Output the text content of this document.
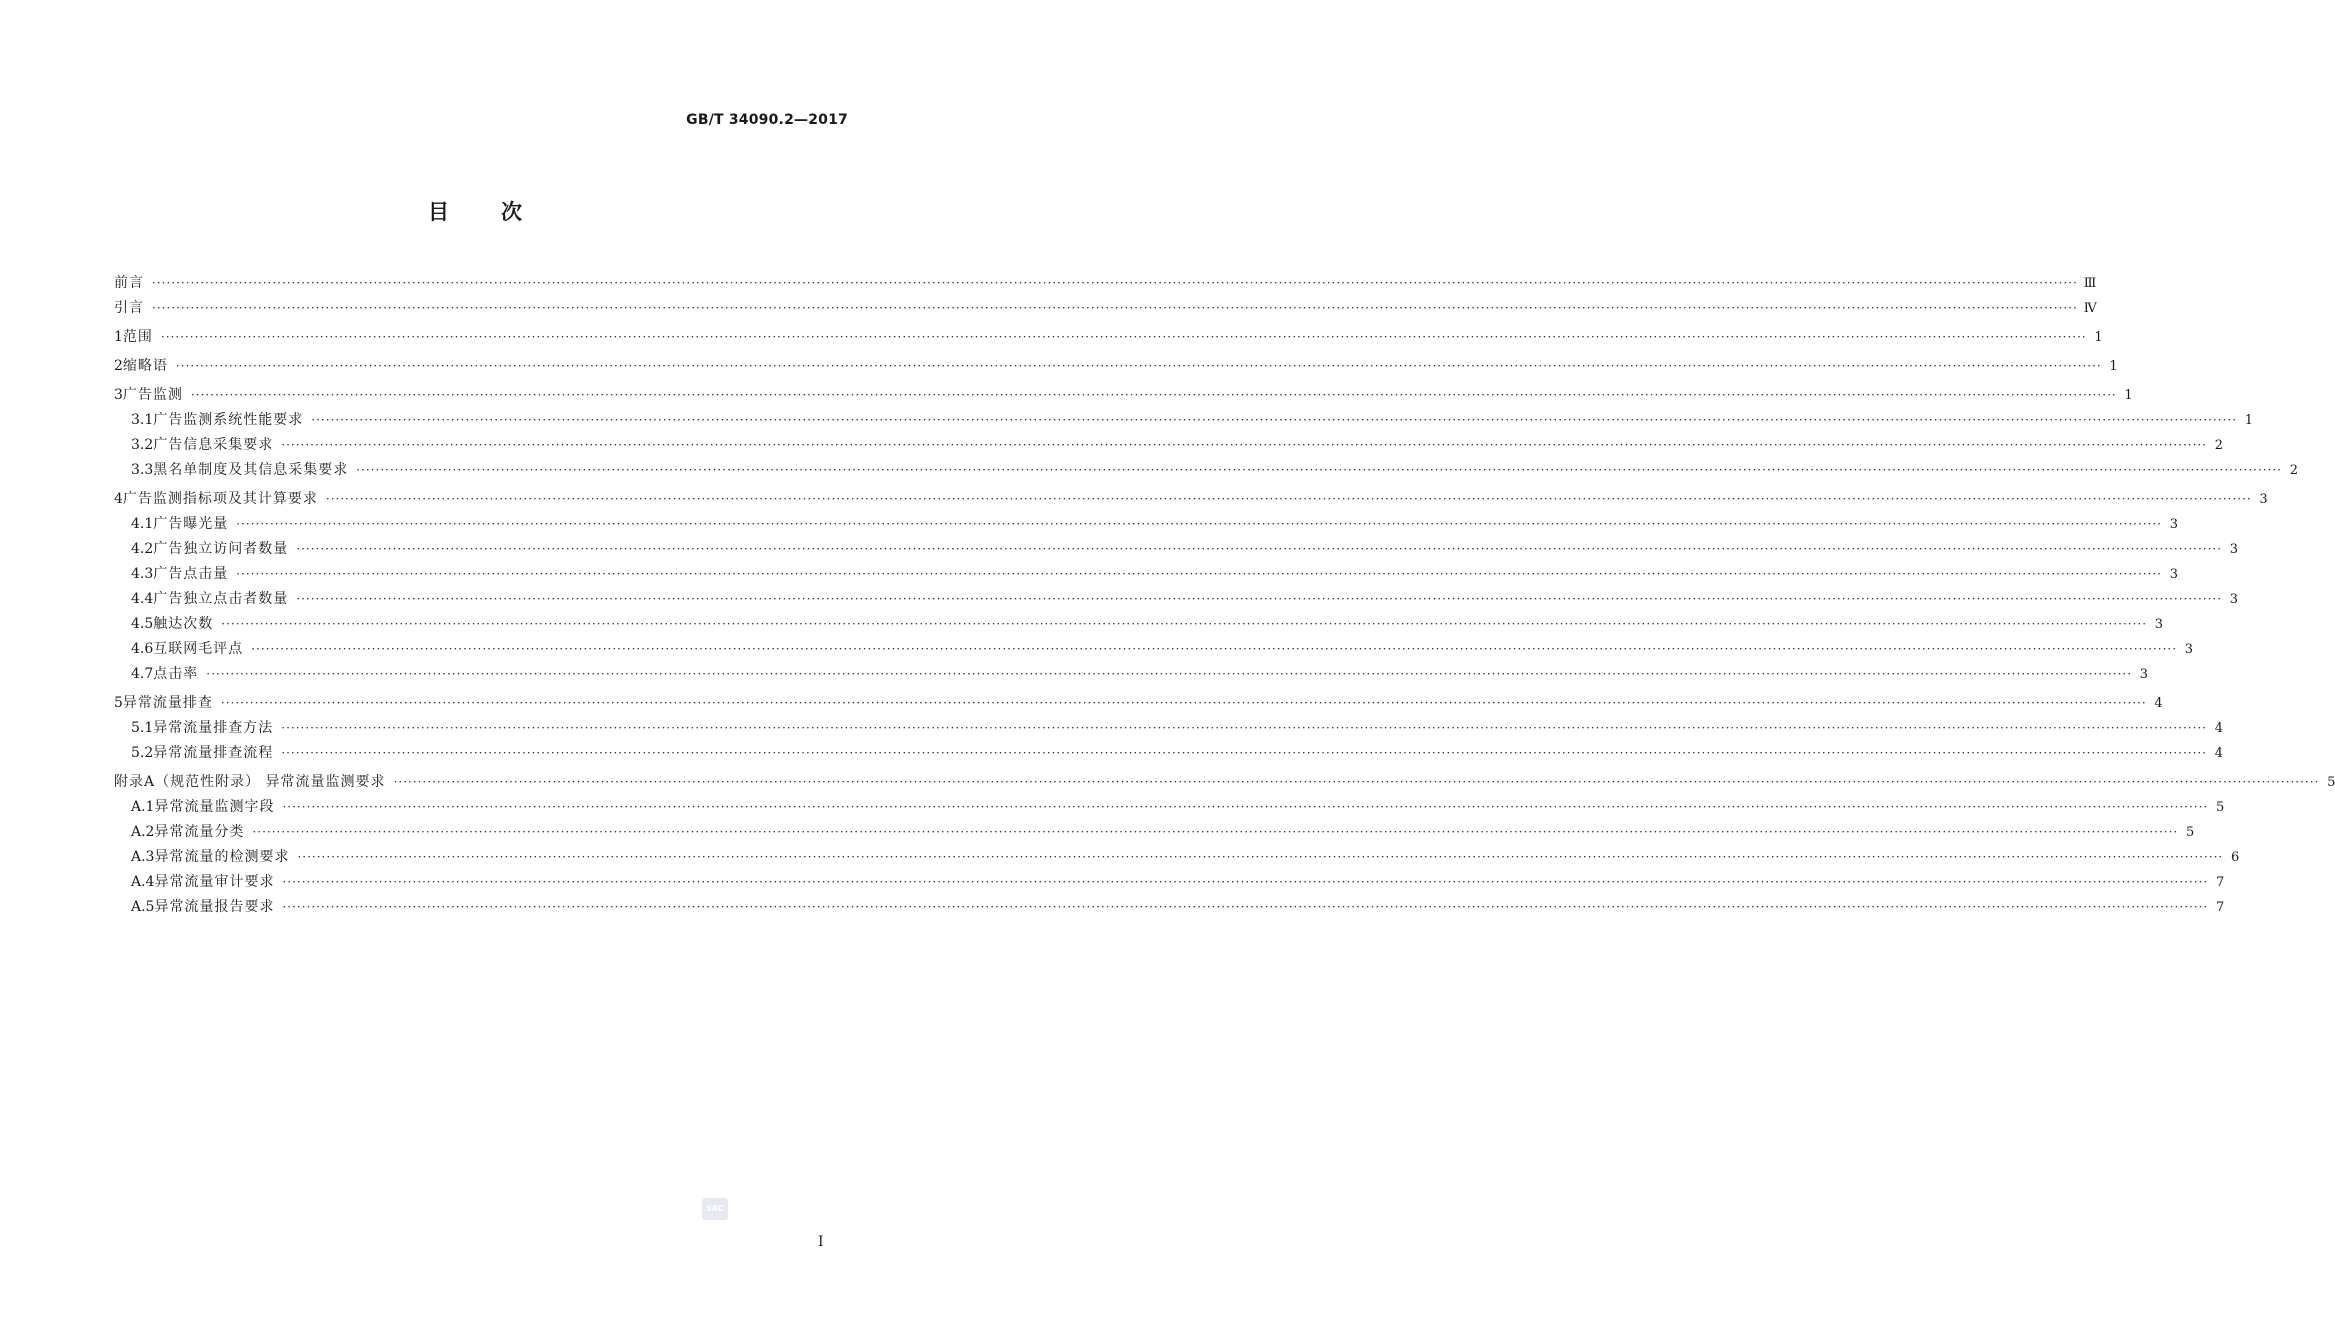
GB/T 34090.2—2017
目 次
前言 ················································································································································································································································································································································································································ Ⅲ
引言 ················································································································································································································································································································································································································ Ⅳ
1 范围 ················································································································································································································································································································································································································ 1
2 缩略语 ················································································································································································································································································································································································································ 1
3 广告监测 ················································································································································································································································································································································································································ 1
3.1 广告监测系统性能要求 ················································································································································································································································································································································································································ 1
3.2 广告信息采集要求 ················································································································································································································································································································································································································ 2
3.3 黑名单制度及其信息采集要求 ················································································································································································································································································································································································································ 2
4 广告监测指标项及其计算要求 ················································································································································································································································································································································································································ 3
4.1 广告曝光量 ················································································································································································································································································································································································································ 3
4.2 广告独立访问者数量 ················································································································································································································································································································································································································ 3
4.3 广告点击量 ················································································································································································································································································································································································································ 3
4.4 广告独立点击者数量 ················································································································································································································································································································································································································ 3
4.5 触达次数 ················································································································································································································································································································································································································ 3
4.6 互联网毛评点 ················································································································································································································································································································································································································ 3
4.7 点击率 ················································································································································································································································································································································································································ 3
5 异常流量排查 ················································································································································································································································································································································································································ 4
5.1 异常流量排查方法 ················································································································································································································································································································································································································ 4
5.2 异常流量排查流程 ················································································································································································································································································································································································································ 4
附录A（规范性附录） 异常流量监测要求 ················································································································································································································································································································································································································ 5
A.1 异常流量监测字段 ················································································································································································································································································································································································································ 5
A.2 异常流量分类 ················································································································································································································································································································································································································ 5
A.3 异常流量的检测要求 ················································································································································································································································································································································································································ 6
A.4 异常流量审计要求 ················································································································································································································································································································································································································ 7
A.5 异常流量报告要求 ················································································································································································································································································································································································································ 7
SRC
I
